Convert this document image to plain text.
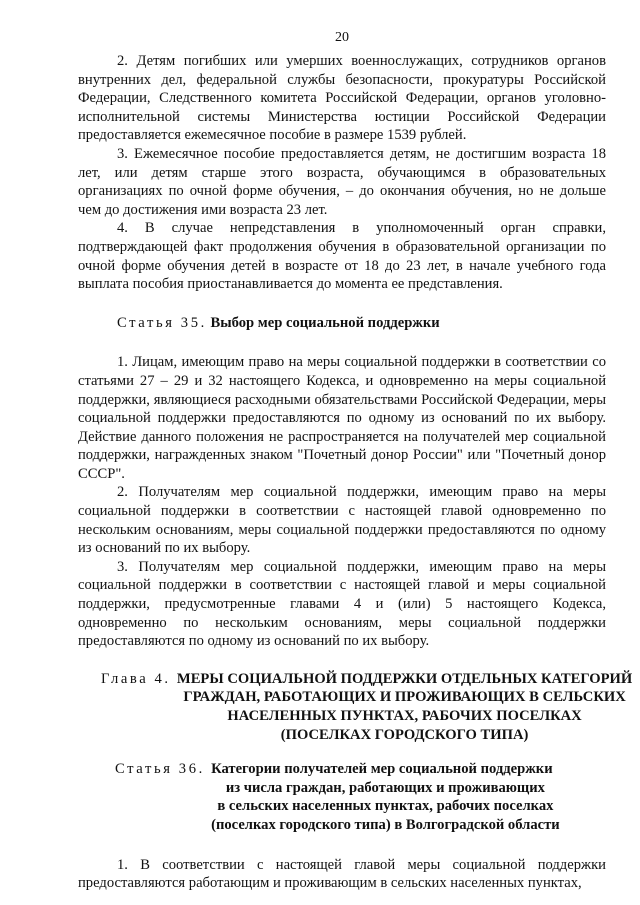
20

2. Детям погибших или умерших военнослужащих, сотрудников органов внутренних дел, федеральной службы безопасности, прокуратуры Российской Федерации, Следственного комитета Российской Федерации, органов уголовно-исполнительной системы Министерства юстиции Российской Федерации предоставляется ежемесячное пособие в размере 1539 рублей.

3. Ежемесячное пособие предоставляется детям, не достигшим возраста 18 лет, или детям старше этого возраста, обучающимся в образовательных организациях по очной форме обучения, – до окончания обучения, но не дольше чем до достижения ими возраста 23 лет.

4. В случае непредставления в уполномоченный орган справки, подтверждающей факт продолжения обучения в образовательной организации по очной форме обучения детей в возрасте от 18 до 23 лет, в начале учебного года выплата пособия приостанавливается до момента ее представления.

Статья 35. Выбор мер социальной поддержки

1. Лицам, имеющим право на меры социальной поддержки в соответствии со статьями 27 – 29 и 32 настоящего Кодекса, и одновременно на меры социальной поддержки, являющиеся расходными обязательствами Российской Федерации, меры социальной поддержки предоставляются по одному из оснований по их выбору. Действие данного положения не распространяется на получателей мер социальной поддержки, награжденных знаком "Почетный донор России" или "Почетный донор СССР".

2. Получателям мер социальной поддержки, имеющим право на меры социальной поддержки в соответствии с настоящей главой одновременно по нескольким основаниям, меры социальной поддержки предоставляются по одному из оснований по их выбору.

3. Получателям мер социальной поддержки, имеющим право на меры социальной поддержки в соответствии с настоящей главой и меры социальной поддержки, предусмотренные главами 4 и (или) 5 настоящего Кодекса, одновременно по нескольким основаниям, меры социальной поддержки предоставляются по одному из оснований по их выбору.

Глава 4. МЕРЫ СОЦИАЛЬНОЙ ПОДДЕРЖКИ ОТДЕЛЬНЫХ КАТЕГОРИЙ
ГРАЖДАН, РАБОТАЮЩИХ И ПРОЖИВАЮЩИХ В СЕЛЬСКИХ
НАСЕЛЕННЫХ ПУНКТАХ, РАБОЧИХ ПОСЕЛКАХ
(ПОСЕЛКАХ ГОРОДСКОГО ТИПА)
Статья 36. Категории получателей мер социальной поддержки
из числа граждан, работающих и проживающих
в сельских населенных пунктах, рабочих поселках
(поселках городского типа) в Волгоградской области

1. В соответствии с настоящей главой меры социальной поддержки предоставляются работающим и проживающим в сельских населенных пунктах,
